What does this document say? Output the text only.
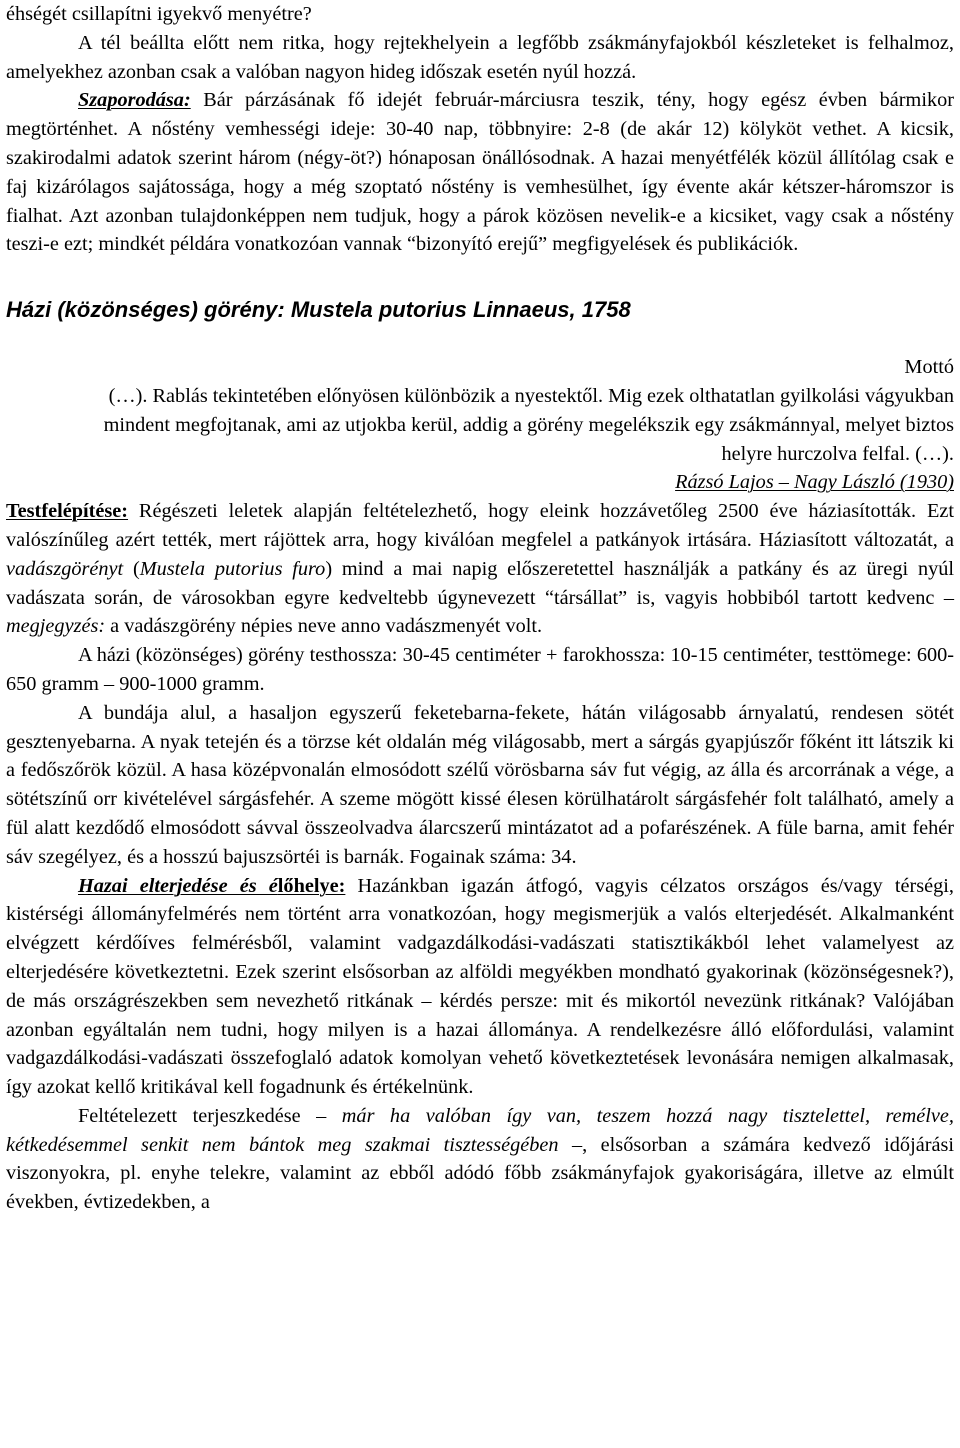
éhségét csillapítni igyekvő menyétre?

A tél beállta előtt nem ritka, hogy rejtekhelyein a legfőbb zsákmányfajokból készleteket is felhalmoz, amelyekhez azonban csak a valóban nagyon hideg időszak esetén nyúl hozzá.

Szaporodása: Bár párzásának fő idejét február-márciusra teszik, tény, hogy egész évben bármikor megtörténhet. A nőstény vemhességi ideje: 30-40 nap, többnyire: 2-8 (de akár 12) kölyköt vethet. A kicsik, szakirodalmi adatok szerint három (négy-öt?) hónaposan önállósodnak. A hazai menyétfélék közül állítólag csak e faj kizárólagos sajátossága, hogy a még szoptató nőstény is vemhesülhet, így évente akár kétszer-háromszor is fialhat. Azt azonban tulajdonképpen nem tudjuk, hogy a párok közösen nevelik-e a kicsiket, vagy csak a nőstény teszi-e ezt; mindkét példára vonatkozóan vannak “bizonyító erejű” megfigyelések és publikációk.

Házi (közönséges) görény: Mustela putorius Linnaeus, 1758
Mottó

(…). Rablás tekintetében előnyösen különbözik a nyestektől. Mig ezek olthatatlan gyilkolási vágyukban mindent megfojtanak, ami az utjokba kerül, addig a görény megelékszik egy zsákmánnyal, melyet biztos helyre hurczolva felfal. (…).

Rázsó Lajos – Nagy László (1930)

Testfelépítése: Régészeti leletek alapján feltételezhető, hogy eleink hozzávetőleg 2500 éve háziasították. Ezt valószínűleg azért tették, mert rájöttek arra, hogy kiválóan megfelel a patkányok irtására. Háziasított változatát, a vadászgörényt (Mustela putorius furo) mind a mai napig előszeretettel használják a patkány és az üregi nyúl vadászata során, de városokban egyre kedveltebb úgynevezett “társállat” is, vagyis hobbiból tartott kedvenc – megjegyzés: a vadászgörény népies neve anno vadászmenyét volt.

A házi (közönséges) görény testhossza: 30-45 centiméter + farokhossza: 10-15 centiméter, testtömege: 600-650 gramm – 900-1000 gramm.

A bundája alul, a hasaljon egyszerű feketebarna-fekete, hátán világosabb árnyalatú, rendesen sötét gesztenyebarna. A nyak tetején és a törzse két oldalán még világosabb, mert a sárgás gyapjúszőr főként itt látszik ki a fedőszőrök közül. A hasa középvonalán elmosódott szélű vörösbarna sáv fut végig, az álla és arcorrának a vége, a sötétszínű orr kivételével sárgásfehér. A szeme mögött kissé élesen körülhatárolt sárgásfehér folt található, amely a fül alatt kezdődő elmosódott sávval összeolvadva álarcszerű mintázatot ad a pofarészének. A füle barna, amit fehér sáv szegélyez, és a hosszú bajuszsörtéi is barnák. Fogainak száma: 34.

Hazai elterjedése és élőhelye: Hazánkban igazán átfogó, vagyis célzatos országos és/vagy térségi, kistérségi állományfelmérés nem történt arra vonatkozóan, hogy megismerjük a valós elterjedését. Alkalmanként elvégzett kérdőíves felmérésből, valamint vadgazdálkodási-vadászati statisztikákból lehet valamelyest az elterjedésére következtetni. Ezek szerint elsősorban az alföldi megyékben mondható gyakorinak (közönségesnek?), de más országrészekben sem nevezhető ritkának – kérdés persze: mit és mikortól nevezünk ritkának? Valójában azonban egyáltalán nem tudni, hogy milyen is a hazai állománya. A rendelkezésre álló előfordulási, valamint vadgazdálkodási-vadászati összefoglaló adatok komolyan vehető következtetések levonására nemigen alkalmasak, így azokat kellő kritikával kell fogadnunk és értékelnünk.

Feltételezett terjeszkedése – már ha valóban így van, teszem hozzá nagy tisztelettel, remélve, kétkedésemmel senkit nem bántok meg szakmai tisztességében –, elsősorban a számára kedvező időjárási viszonyokra, pl. enyhe telekre, valamint az ebből adódó főbb zsákmányfajok gyakoriságára, illetve az elmúlt években, évtizedekben, a
